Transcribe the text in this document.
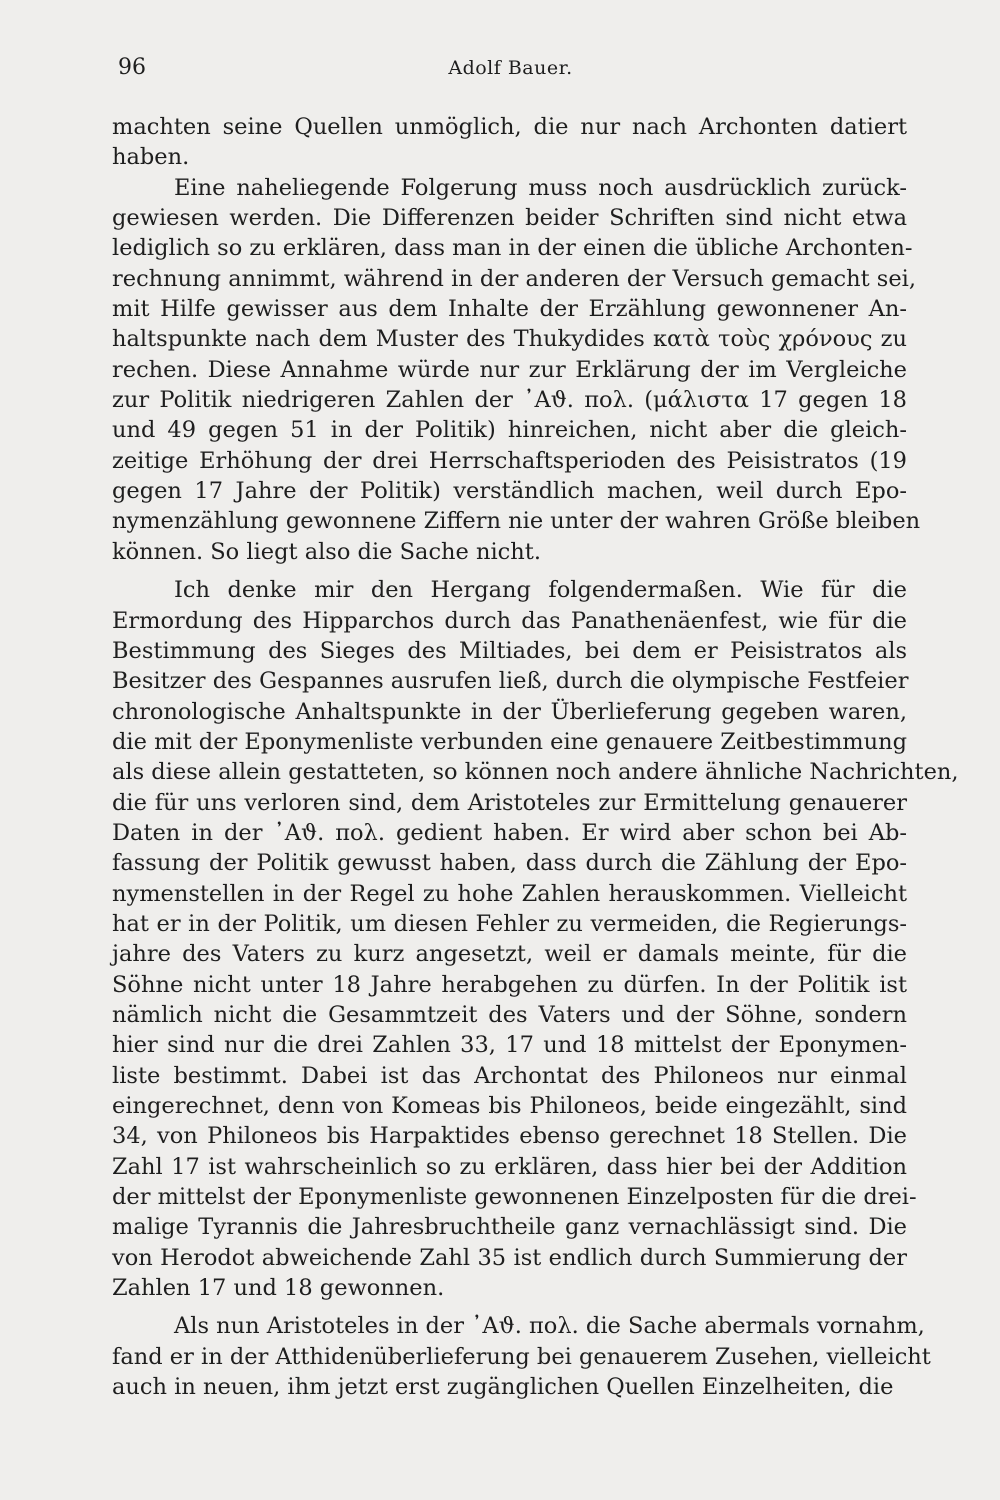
96	Adolf Bauer.
machten seine Quellen unmöglich, die nur nach Archonten datiert
haben.
Eine naheliegende Folgerung muss noch ausdrücklich zurück-
gewiesen werden. Die Differenzen beider Schriften sind nicht etwa
lediglich so zu erklären, dass man in der einen die übliche Archonten-
rechnung annimmt, während in der anderen der Versuch gemacht sei,
mit Hilfe gewisser aus dem Inhalte der Erzählung gewonnener An-
haltspunkte nach dem Muster des Thukydides κατὰ τοὺς χρόνους zu
rechen. Diese Annahme würde nur zur Erklärung der im Vergleiche
zur Politik niedrigeren Zahlen der ᾿Αϑ. πολ. (μάλιστα 17 gegen 18
und 49 gegen 51 in der Politik) hinreichen, nicht aber die gleich-
zeitige Erhöhung der drei Herrschaftsperioden des Peisistratos (19
gegen 17 Jahre der Politik) verständlich machen, weil durch Epo-
nymenzählung gewonnene Ziffern nie unter der wahren Größe bleiben
können. So liegt also die Sache nicht.
Ich denke mir den Hergang folgendermaßen. Wie für die
Ermordung des Hipparchos durch das Panathenäenfest, wie für die
Bestimmung des Sieges des Miltiades, bei dem er Peisistratos als
Besitzer des Gespannes ausrufen ließ, durch die olympische Festfeier
chronologische Anhaltspunkte in der Überlieferung gegeben waren,
die mit der Eponymenliste verbunden eine genauere Zeitbestimmung
als diese allein gestatteten, so können noch andere ähnliche Nachrichten,
die für uns verloren sind, dem Aristoteles zur Ermittelung genauerer
Daten in der ᾿Αϑ. πολ. gedient haben. Er wird aber schon bei Ab-
fassung der Politik gewusst haben, dass durch die Zählung der Epo-
nymenstellen in der Regel zu hohe Zahlen herauskommen. Vielleicht
hat er in der Politik, um diesen Fehler zu vermeiden, die Regierungs-
jahre des Vaters zu kurz angesetzt, weil er damals meinte, für die
Söhne nicht unter 18 Jahre herabgehen zu dürfen. In der Politik ist
nämlich nicht die Gesammtzeit des Vaters und der Söhne, sondern
hier sind nur die drei Zahlen 33, 17 und 18 mittelst der Eponymen-
liste bestimmt. Dabei ist das Archontat des Philoneos nur einmal
eingerechnet, denn von Komeas bis Philoneos, beide eingezählt, sind
34, von Philoneos bis Harpaktides ebenso gerechnet 18 Stellen. Die
Zahl 17 ist wahrscheinlich so zu erklären, dass hier bei der Addition
der mittelst der Eponymenliste gewonnenen Einzelposten für die drei-
malige Tyrannis die Jahresbruchtheile ganz vernachlässigt sind. Die
von Herodot abweichende Zahl 35 ist endlich durch Summierung der
Zahlen 17 und 18 gewonnen.
Als nun Aristoteles in der ᾿Αϑ. πολ. die Sache abermals vornahm,
fand er in der Atthidenüberlieferung bei genauerem Zusehen, vielleicht
auch in neuen, ihm jetzt erst zugänglichen Quellen Einzelheiten, die
